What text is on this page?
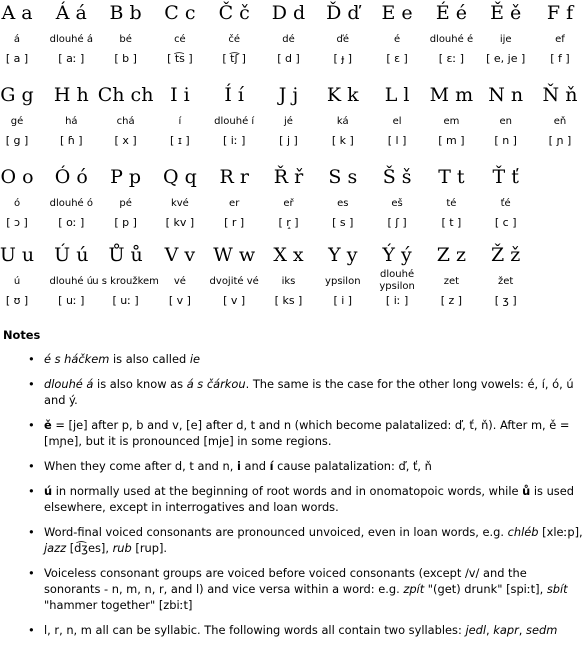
A a
á
[ a ]
Á á
dlouhé á
[ aː ]
B b
bé
[ b ]
C c
cé
[ t͡s ]
Č č
čé
[ t͡ʃ ]
D d
dé
[ d ]
Ď ď
ďé
[ ɟ ]
E e
é
[ ɛ ]
É é
dlouhé é
[ ɛː ]
Ě ě
ije
[ e, je ]
F f
ef
[ f ]
G g
gé
[ g ]
H h
há
[ ɦ ]
Ch ch
chá
[ x ]
I i
í
[ ɪ ]
Í í
dlouhé í
[ iː ]
J j
jé
[ j ]
K k
ká
[ k ]
L l
el
[ l ]
M m
em
[ m ]
N n
en
[ n ]
Ň ň
eň
[ ɲ ]
O o
ó
[ ɔ ]
Ó ó
dlouhé ó
[ oː ]
P p
pé
[ p ]
Q q
kvé
[ kv ]
R r
er
[ r ]
Ř ř
eř
[ r̝ ]
S s
es
[ s ]
Š š
eš
[ ʃ ]
T t
té
[ t ]
Ť ť
ťé
[ c ]
U u
ú
[ ʊ ]
Ú ú
dlouhé ú
[ uː ]
Ů ů
u s kroužkem
[ uː ]
V v
vé
[ v ]
W w
dvojité vé
[ v ]
X x
iks
[ ks ]
Y y
ypsilon
[ i ]
Ý ý
dlouhé ypsilon
[ iː ]
Z z
zet
[ z ]
Ž ž
žet
[ ʒ ]
Notes
• é s háčkem is also called ie
• dlouhé á is also know as á s čárkou. The same is the case for the other long vowels: é, í, ó, ú and ý.
• ě = [je] after p, b and v, [e] after d, t and n (which become palatalized: ď, ť, ň). After m, ě = [mɲe], but it is pronounced [mje] in some regions.
• When they come after d, t and n, i and í cause palatalization: ď, ť, ň
• ú in normally used at the beginning of root words and in onomatopoic words, while ů is used elsewhere, except in interrogatives and loan words.
• Word-final voiced consonants are pronounced unvoiced, even in loan words, e.g. chléb [xleːp], jazz [d͡ʒes], rub [rup].
• Voiceless consonant groups are voiced before voiced consonants (except /v/ and the sonorants - n, m, n, r, and l) and vice versa within a word: e.g. zpít "(get) drunk" [spiːt], sbít "hammer together" [zbiːt]
• l, r, n, m all can be syllabic. The following words all contain two syllables: jedl, kapr, sedm
